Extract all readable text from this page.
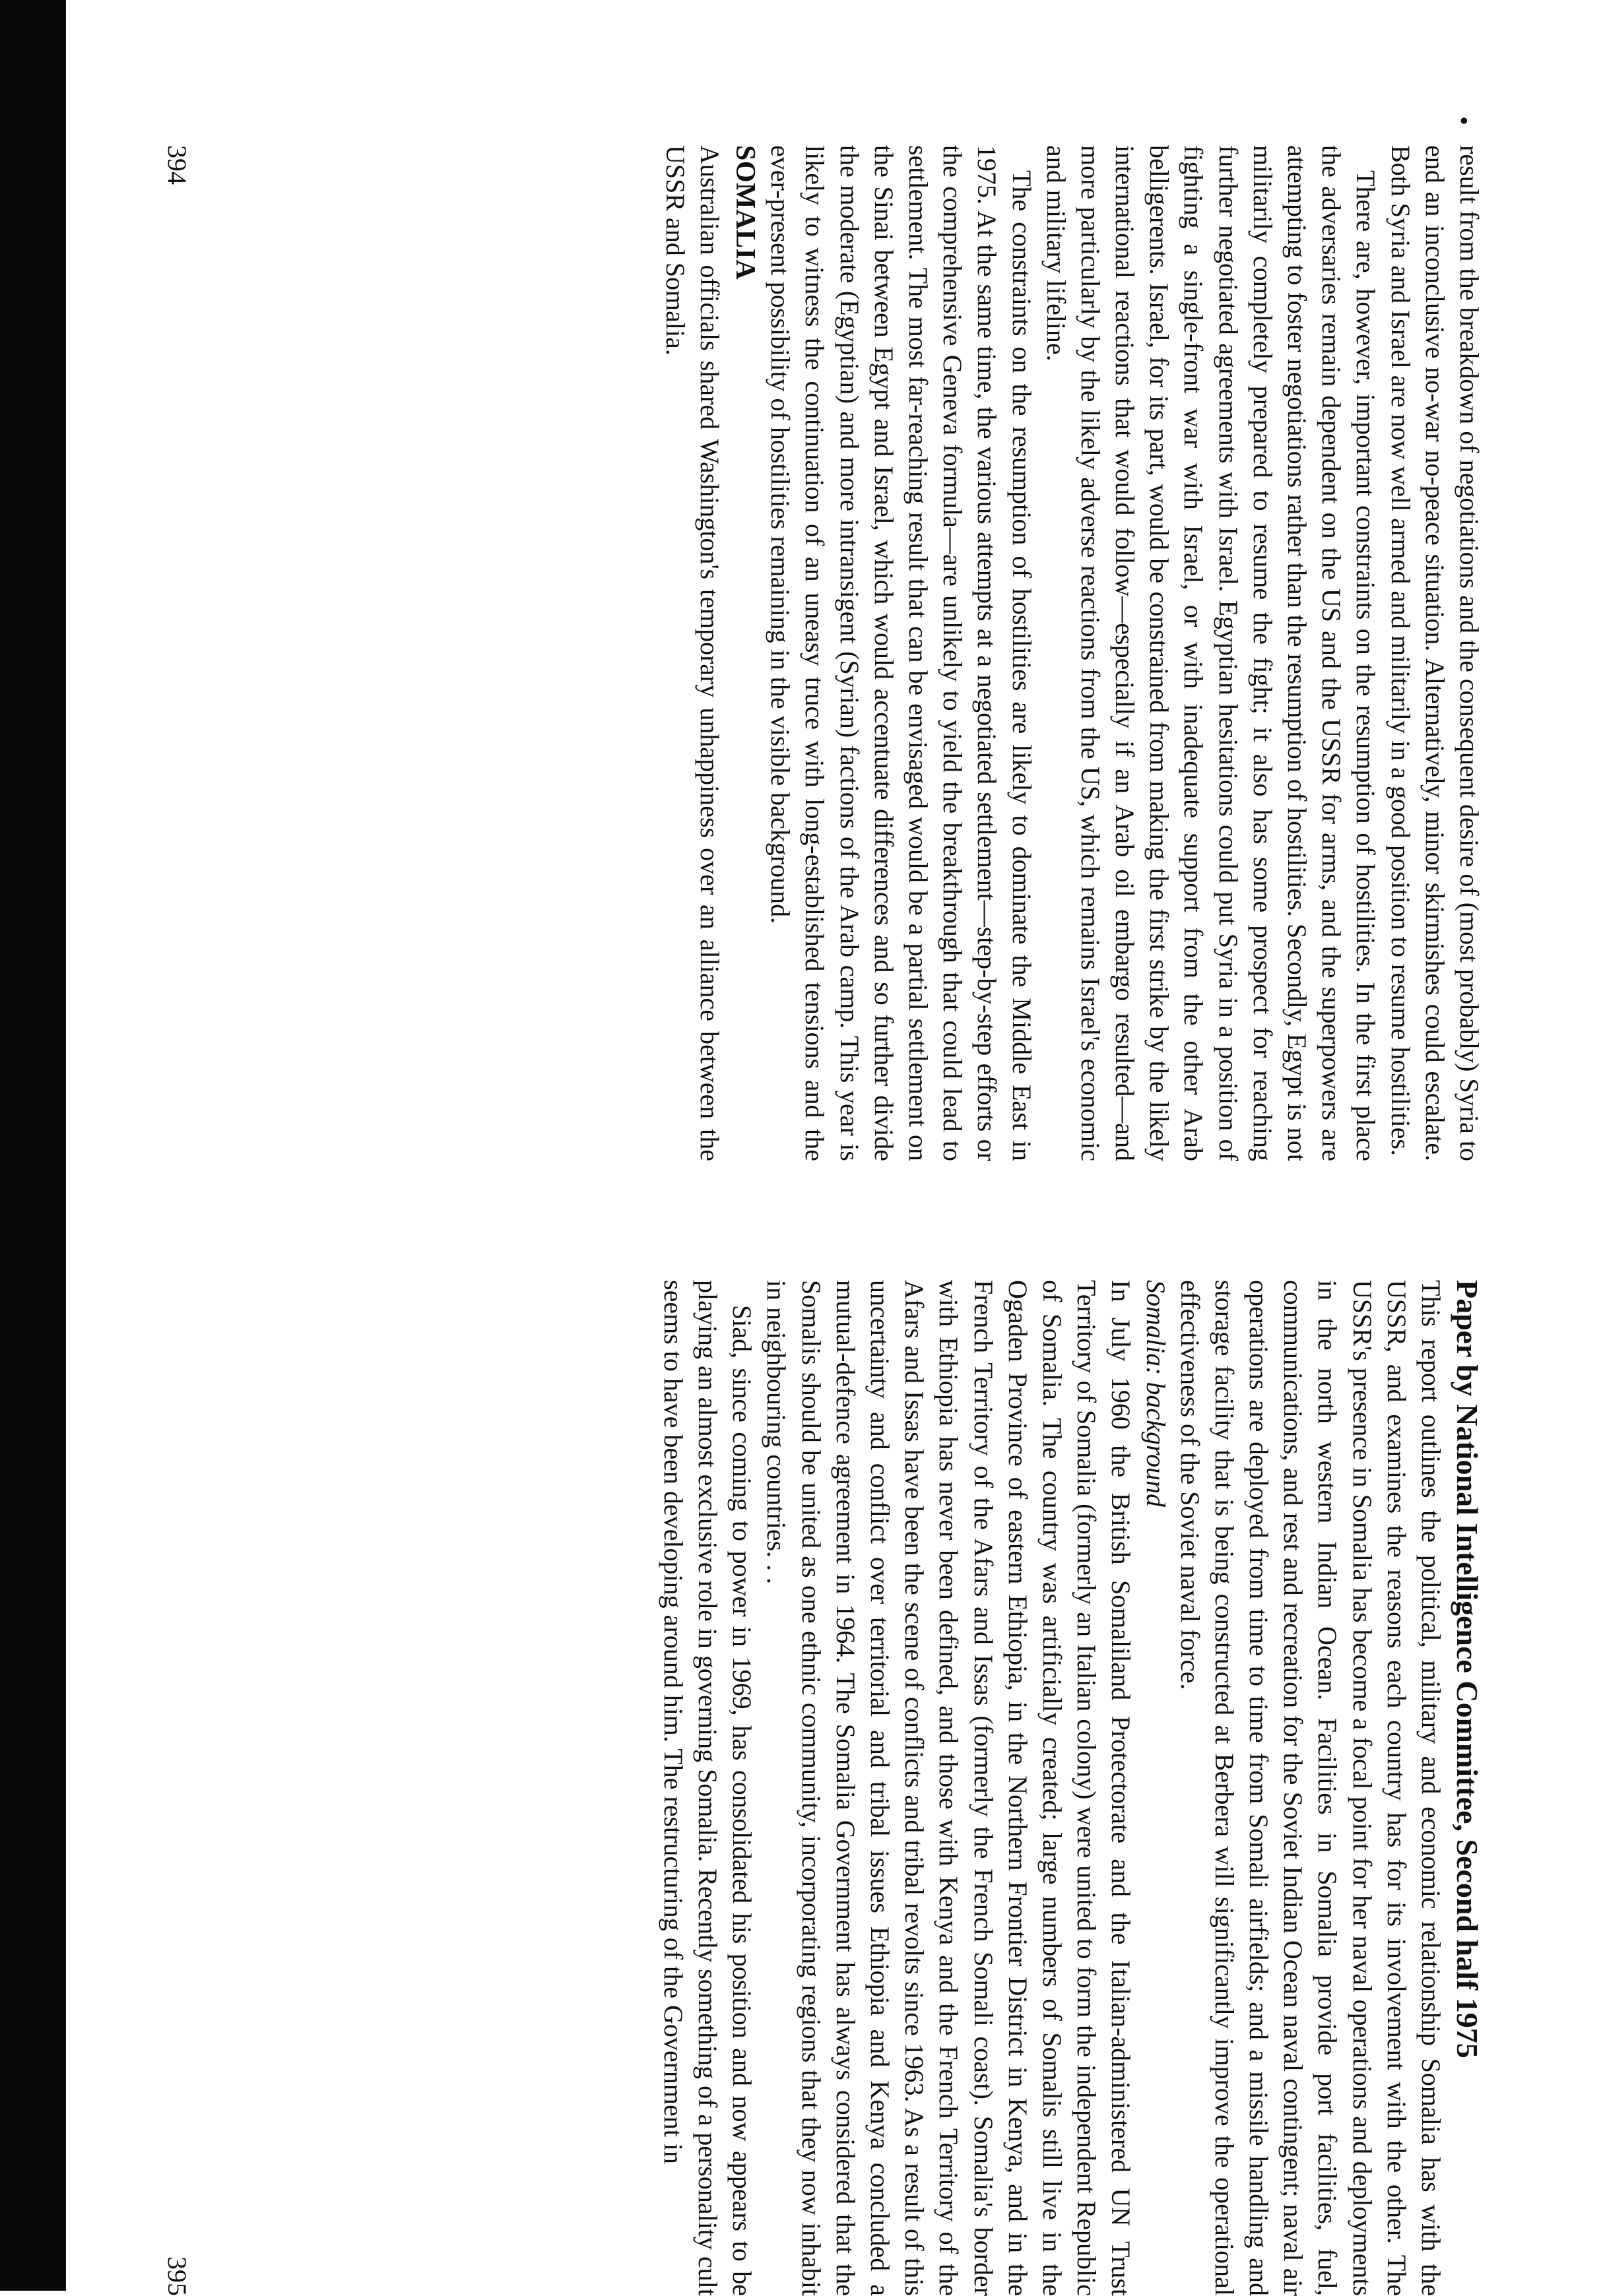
•

result from the breakdown of negotiations and the consequent desire of (most probably) Syria to end an inconclusive no-war no-peace situation. Alternatively, minor skirmishes could escalate. Both Syria and Israel are now well armed and militarily in a good position to resume hostilities.

There are, however, important constraints on the resumption of hostilities. In the first place the adversaries remain dependent on the US and the USSR for arms, and the superpowers are attempting to foster negotiations rather than the resumption of hostilities. Secondly, Egypt is not militarily completely prepared to resume the fight; it also has some prospect for reaching further negotiated agreements with Israel. Egyptian hesitations could put Syria in a position of fighting a single-front war with Israel, or with inadequate support from the other Arab belligerents. Israel, for its part, would be constrained from making the first strike by the likely international reactions that would follow—especially if an Arab oil embargo resulted—and more particularly by the likely adverse reactions from the US, which remains Israel's economic and military lifeline.

The constraints on the resumption of hostilities are likely to dominate the Middle East in 1975. At the same time, the various attempts at a negotiated settlement—step-by-step efforts or the comprehensive Geneva formula—are unlikely to yield the breakthrough that could lead to settlement. The most far-reaching result that can be envisaged would be a partial settlement on the Sinai between Egypt and Israel, which would accentuate differences and so further divide the moderate (Egyptian) and more intransigent (Syrian) factions of the Arab camp. This year is likely to witness the continuation of an uneasy truce with long-established tensions and the ever-present possibility of hostilities remaining in the visible background.

SOMALIA

Australian officials shared Washington's temporary unhappiness over an alliance between the USSR and Somalia.

394

Paper by National Intelligence Committee, Second half 1975

This report outlines the political, military and economic relationship Somalia has with the USSR, and examines the reasons each country has for its involvement with the other. The USSR's presence in Somalia has become a focal point for her naval operations and deployments in the north western Indian Ocean. Facilities in Somalia provide port facilities, fuel, communications, and rest and recreation for the Soviet Indian Ocean naval contingent; naval air operations are deployed from time to time from Somali airfields; and a missile handling and storage facility that is being constructed at Berbera will significantly improve the operational effectiveness of the Soviet naval force.

Somalia: background

In July 1960 the British Somaliland Protectorate and the Italian-administered UN Trust Territory of Somalia (formerly an Italian colony) were united to form the independent Republic of Somalia. The country was artificially created; large numbers of Somalis still live in the Ogaden Province of eastern Ethiopia, in the Northern Frontier District in Kenya, and in the French Territory of the Afars and Issas (formerly the French Somali coast). Somalia's border with Ethiopia has never been defined, and those with Kenya and the French Territory of the Afars and Issas have been the scene of conflicts and tribal revolts since 1963. As a result of this uncertainty and conflict over territorial and tribal issues Ethiopia and Kenya concluded a mutual-defence agreement in 1964. The Somalia Government has always considered that the Somalis should be united as one ethnic community, incorporating regions that they now inhabit in neighbouring countries. . .

Siad, since coming to power in 1969, has consolidated his position and now appears to be playing an almost exclusive role in governing Somalia. Recently something of a personality cult seems to have been developing around him. The restructuring of the Government in

395
